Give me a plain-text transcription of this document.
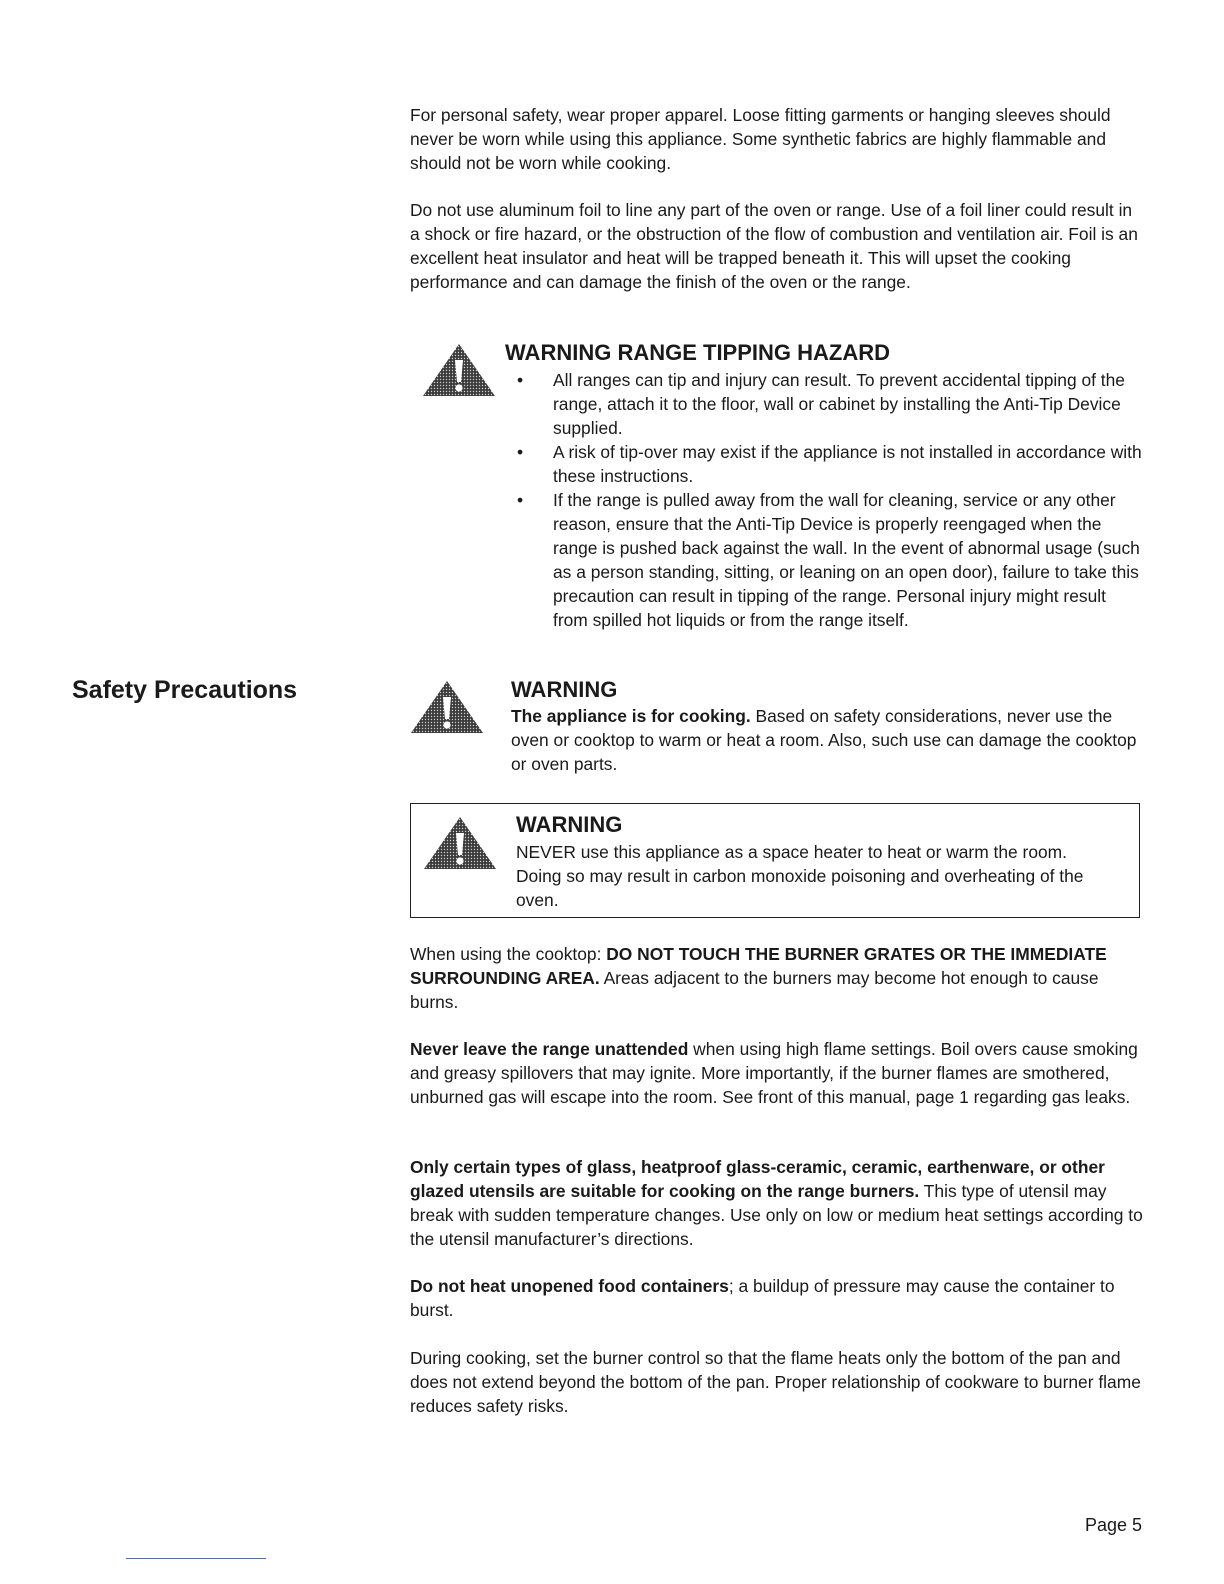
For personal safety, wear proper apparel. Loose fitting garments or hanging sleeves should never be worn while using this appliance. Some synthetic fabrics are highly flammable and should not be worn while cooking.

Do not use aluminum foil to line any part of the oven or range. Use of a foil liner could result in a shock or fire hazard, or the obstruction of the flow of combustion and ventilation air. Foil is an excellent heat insulator and heat will be trapped beneath it. This will upset the cooking performance and can damage the finish of the oven or the range.

WARNING RANGE TIPPING HAZARD
• All ranges can tip and injury can result. To prevent accidental tipping of the range, attach it to the floor, wall or cabinet by installing the Anti-Tip Device supplied.
• A risk of tip-over may exist if the appliance is not installed in accordance with these instructions.
• If the range is pulled away from the wall for cleaning, service or any other reason, ensure that the Anti-Tip Device is properly reengaged when the range is pushed back against the wall. In the event of abnormal usage (such as a person standing, sitting, or leaning on an open door), failure to take this precaution can result in tipping of the range. Personal injury might result from spilled hot liquids or from the range itself.
Safety Precautions	WARNING

The appliance is for cooking. Based on safety considerations, never use the oven or cooktop to warm or heat a room. Also, such use can damage the cooktop or oven parts.

WARNING

NEVER use this appliance as a space heater to heat or warm the room. Doing so may result in carbon monoxide poisoning and overheating of the oven.

When using the cooktop: DO NOT TOUCH THE BURNER GRATES OR THE IMMEDIATE SURROUNDING AREA. Areas adjacent to the burners may become hot enough to cause burns.

Never leave the range unattended when using high flame settings. Boil overs cause smoking and greasy spillovers that may ignite. More importantly, if the burner flames are smothered, unburned gas will escape into the room. See front of this manual, page 1 regarding gas leaks.

Only certain types of glass, heatproof glass-ceramic, ceramic, earthenware, or other glazed utensils are suitable for cooking on the range burners. This type of utensil may break with sudden temperature changes. Use only on low or medium heat settings according to the utensil manufacturer’s directions.

Do not heat unopened food containers; a buildup of pressure may cause the container to burst.

During cooking, set the burner control so that the flame heats only the bottom of the pan and does not extend beyond the bottom of the pan. Proper relationship of cookware to burner flame reduces safety risks.

Page 5
